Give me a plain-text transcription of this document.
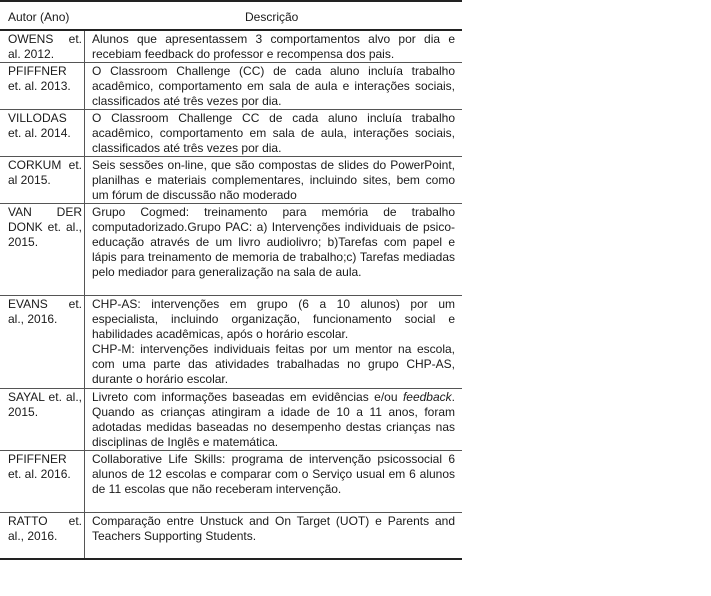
Autor (Ano)	Descrição
OWENS et. al. 2012.

Alunos que apresentassem 3 comportamentos alvo por dia e recebiam feedback do professor e recompensa dos pais.

PFIFFNER et. al. 2013.

O Classroom Challenge (CC) de cada aluno incluía trabalho acadêmico, comportamento em sala de aula e interações sociais, classificados até três vezes por dia.

VILLODAS et. al. 2014.

O Classroom Challenge CC de cada aluno incluía trabalho acadêmico, comportamento em sala de aula, interações sociais, classificados até três vezes por dia.

CORKUM et. al 2015.

Seis sessões on-line, que são compostas de slides do PowerPoint, planilhas e materiais complementares, incluindo sites, bem como um fórum de discussão não moderado

VAN DER DONK et. al., 2015.

Grupo Cogmed: treinamento para memória de trabalho computadorizado.Grupo PAC: a) Intervenções individuais de psico-educação através de um livro audiolivro; b)Tarefas com papel e lápis para treinamento de memoria de trabalho;c) Tarefas mediadas pelo mediador para generalização na sala de aula.

EVANS et. al., 2016.

CHP-AS: intervenções em grupo (6 a 10 alunos) por um especialista, incluindo organização, funcionamento social e habilidades acadêmicas, após o horário escolar.

CHP-M: intervenções individuais feitas por um mentor na escola, com uma parte das atividades trabalhadas no grupo CHP-AS, durante o horário escolar.

SAYAL et. al., 2015.

Livreto com informações baseadas em evidências e/ou feedback. Quando as crianças atingiram a idade de 10 a 11 anos, foram adotadas medidas baseadas no desempenho destas crianças nas disciplinas de Inglês e matemática.

PFIFFNER et. al. 2016.

Collaborative Life Skills: programa de intervenção psicossocial 6 alunos de 12 escolas e comparar com o Serviço usual em 6 alunos de 11 escolas que não receberam intervenção.

RATTO et. al., 2016.

Comparação entre Unstuck and On Target (UOT) e Parents and Teachers Supporting Students.
